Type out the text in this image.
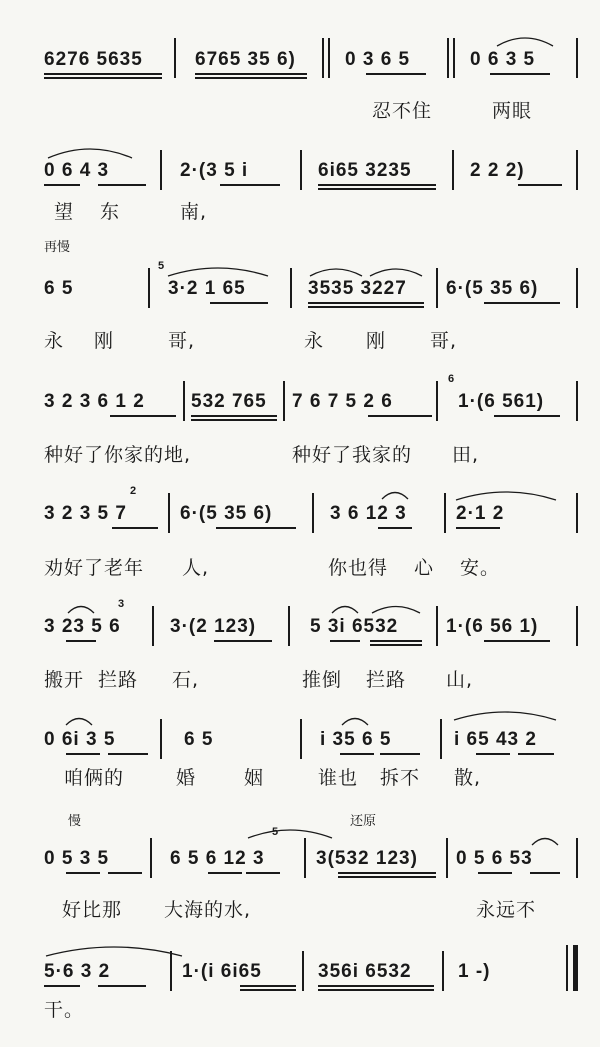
6276 5635	6765 35 6)	0 3 6 5	0 6 3 5
忍不住	两眼
0 6 4 3	2·(3 5 i	6i65 3235	2 2 2)
望 东	南,
再慢
6 5
5
3·2 1 65	3535 3227 6·(5 35 6)
永 刚	哥,	永 刚 哥,
3 2 3 6 1 2 532 765 7 6 7 5 2 6
6
1·(6 561)
种好了你家的地,	种好了我家的 田,
2
3 2 3 5 7	6·(5 35 6)	3 6 12 3	2·1 2
劝好了老年 人,	你也得 心 安。
3
3 23 5 6	3·(2 123)	5 3i 6532	1·(6 56 1)
搬开 拦路 石,	推倒 拦路 山,
0 6i 3 5	6 5	i 35 6 5	i 65 43 2
咱俩的	婚	姻	谁也 拆不 散,
慢	还原
0 5 3 5
5
6 5 6 12 3	3(532 123) 0 5 6 53
好比那 大海的水,	永远不
5·6 3 2	1·(i 6i65	356i 6532 1 -)
干。
